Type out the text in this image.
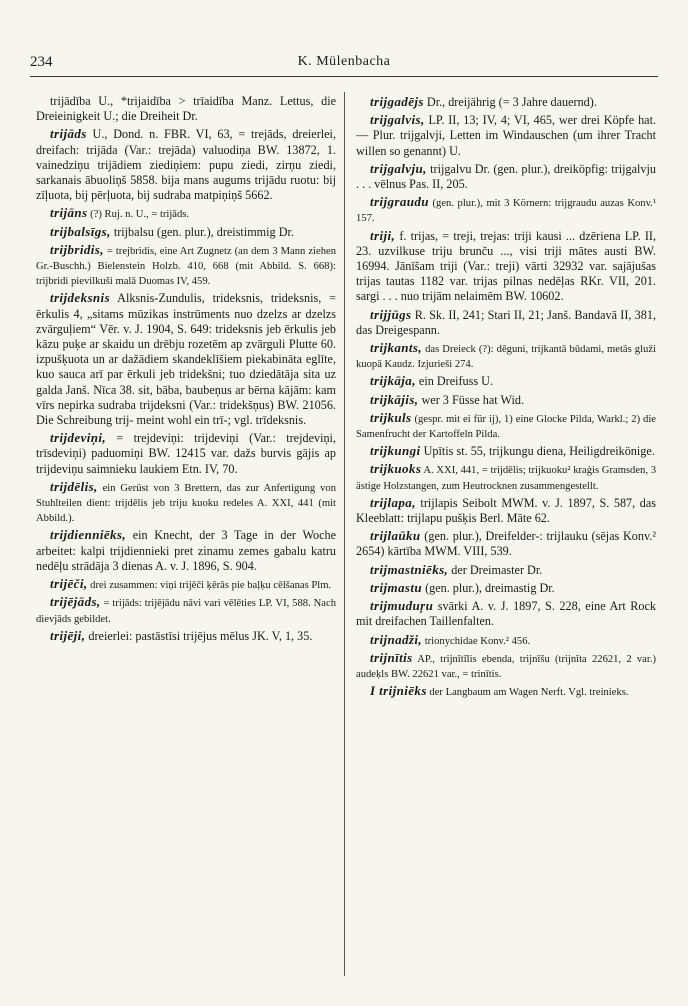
234	K. Mülenbacha

trijādība U., *trijaidība > trīaidība Manz. Lettus, die Dreieinigkeit U.; die Dreiheit Dr.

trijāds U., Dond. n. FBR. VI, 63, = trejāds, dreierlei, dreifach: trijāda (Var.: trejāda) valuodiņa BW. 13872, 1. vainedziņu trijādiem ziediņiem: pupu ziedi, zirņu ziedi, sarkanais ābuoliņš 5858. bija mans augums trijādu ruotu: bij zīļuota, bij pērļuota, bij sudraba matpiņiņš 5662.

trijāns (?) Ruj. n. U., = trijāds.

trijbalsīgs, trijbalsu (gen. plur.), dreistimmig Dr.

trijbridis, = trejbridis, eine Art Zugnetz (an dem 3 Mann ziehen Gr.-Buschh.) Bielenstein Holzb. 410, 668 (mit Abbild. S. 668): trijbridi pievilkuši malā Duomas IV, 459.

trijdeksnis Alksnis-Zundulis, trideksnis, trideksnis, = ērkulis 4, „sitams mūzikas instrūments nuo dzelzs ar dzelzs zvārguļiem“ Vēr. v. J. 1904, S. 649: trideksnis jeb ērkulis jeb kāzu puķe ar skaidu un drēbju rozetēm ap zvārguli Plutte 60. izpušķuota un ar dažādiem skandeklīšiem piekabināta eglīte, kuo sauca arī par ērkuli jeb tridekšni; tuo dziedātāja sita uz galda Janš. Nīca 38. sit, bāba, baubeņus ar bērna kājām: kam vīrs nepirka sudraba trijdeksni (Var.: tridekšņus) BW. 21056. Die Schreibung trij- meint wohl ein trī-; vgl. trīdeksnis.

trijdeviņi, = trejdeviņi: trijdeviņi (Var.: trejdeviņi, trīsdeviņi) paduomiņi BW. 12415 var. dažs burvis gājis ap trijdeviņu saimnieku laukiem Etn. IV, 70.

trijdēlis, ein Gerüst von 3 Brettern, das zur Anfertigung von Stuhlteilen dient: trijdēlis jeb triju kuoku redeles A. XXI, 441 (mit Abbild.).

trijdienniēks, ein Knecht, der 3 Tage in der Woche arbeitet: kalpi trijdiennieki pret zinamu zemes gabalu katru nedēļu strādāja 3 dienas A. v. J. 1896, S. 904.

trijēči, drei zusammen: viņi trijēči ķērās pie baļķu cēlšanas Plm.

trijējāds, = trijāds: trijējādu nāvi vari vēlēties LP. VI, 588. Nach dievjāds gebildet.

trijēji, dreierlei: pastāstīsi trijējus mēlus JK. V, 1, 35.

trijgadējs Dr., dreijährig (= 3 Jahre dauernd).

trijgalvis, LP. II, 13; IV, 4; VI, 465, wer drei Köpfe hat. — Plur. trijgalvji, Letten im Windauschen (um ihrer Tracht willen so genannt) U.

trijgalvju, trijgalvu Dr. (gen. plur.), dreiköpfig: trijgalvju . . . vēlnus Pas. II, 205.

trijgraudu (gen. plur.), mit 3 Körnern: trijgraudu auzas Konv.¹ 157.

triji, f. trijas, = treji, trejas: triji kausi ... dzēriena LP. II, 23. uzvilkuse triju brunču ..., visi triji mātes austi BW. 16994. Jānīšam triji (Var.: treji) vārti 32932 var. sajājušas trijas tautas 1182 var. trijas pilnas nedēļas RKr. VII, 201. sargi . . . nuo trijām nelaimēm BW. 10602.

trijjūgs R. Sk. II, 241; Stari II, 21; Janš. Bandavā II, 381, das Dreigespann.

trijkants, das Dreieck (?): dēguni, trijkantā būdami, metās gluži kuopā Kaudz. Izjurieši 274.

trijkāja, ein Dreifuss U.

trijkājis, wer 3 Füsse hat Wid.

trijkuls (gespr. mit ei für ij), 1) eine Glocke Pilda, Warkl.; 2) die Samenfrucht der Kartoffeln Pilda.

trijkungi Upītis st. 55, trijkungu diena, Heiligdreikönige.

trijkuoks A. XXI, 441, = trijdēlis; trijkuoku² kraģis Gramsden, 3 ästige Holzstangen, zum Heutrocknen zusammengestellt.

trijlapa, trijlapis Seibolt MWM. v. J. 1897, S. 587, das Kleeblatt: trijlapu pušķis Berl. Māte 62.

trijlaūku (gen. plur.), Dreifelder-: trijlauku (sējas Konv.² 2654) kārtība MWM. VIII, 539.

trijmastniēks, der Dreimaster Dr.

trijmastu (gen. plur.), dreimastig Dr.

trijmuduŗu svārki A. v. J. 1897, S. 228, eine Art Rock mit dreifachen Taillenfalten.

trijnadži, trionychidae Konv.² 456.

trijnītis AP., trijnītīlis ebenda, trijnīšu (trijnīta 22621, 2 var.) audeķls BW. 22621 var., = trinītis.

I trijniēks der Langbaum am Wagen Nerft. Vgl. treinieks.
